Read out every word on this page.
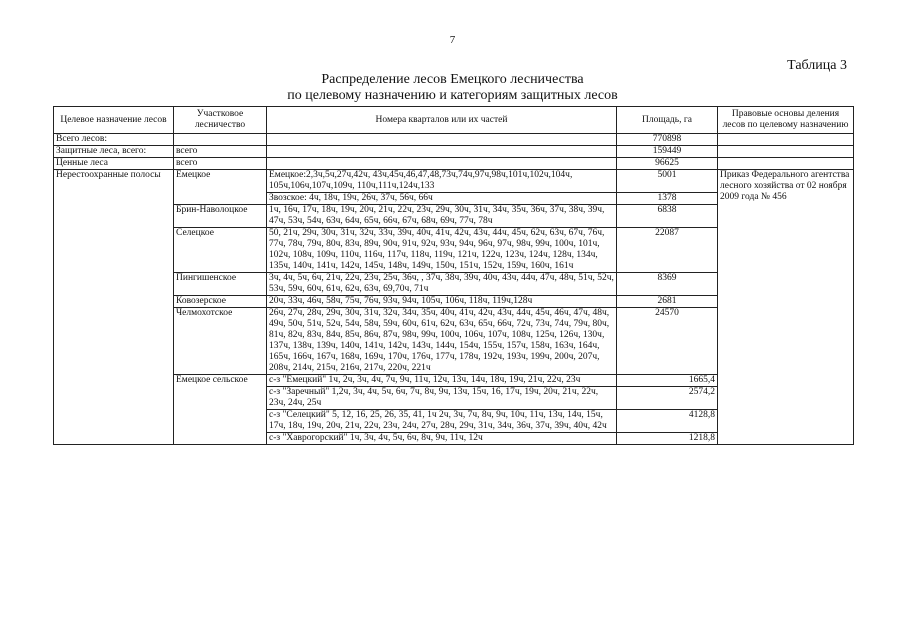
7
Таблица 3
Распределение лесов Емецкого лесничества
по целевому назначению и категориям защитных лесов
Целевое назначение лесов	Участковое лесничество	Номера кварталов или их частей	Площадь, га	Правовые основы деления лесов по целевому назначению
Всего лесов:			770898	
Защитные леса, всего:	всего		159449	
Ценные леса	всего		96625	
Нерестоохранные полосы	Емецкое	Емецкое:2,3ч,5ч,27ч,42ч, 43ч,45ч,46,47,48,73ч,74ч,97ч,98ч,101ч,102ч,104ч, 105ч,106ч,107ч,109ч, 110ч,111ч,124ч,133	5001	Приказ Федерального агентства лесного хозяйства от 02 ноября 2009 года № 456
		Звозское: 4ч, 18ч, 19ч, 26ч, 37ч, 56ч, 66ч	1378	
	Брин-Наволоцкое	1ч, 16ч, 17ч, 18ч, 19ч, 20ч, 21ч, 22ч, 23ч, 29ч, 30ч, 31ч, 34ч, 35ч, 36ч, 37ч, 38ч, 39ч, 47ч, 53ч, 54ч, 63ч, 64ч, 65ч, 66ч, 67ч, 68ч, 69ч, 77ч, 78ч	6838	
	Селецкое	50, 21ч, 29ч, 30ч, 31ч, 32ч, 33ч, 39ч, 40ч, 41ч, 42ч, 43ч, 44ч, 45ч, 62ч, 63ч, 67ч, 76ч, 77ч, 78ч, 79ч, 80ч, 83ч, 89ч, 90ч, 91ч, 92ч, 93ч, 94ч, 96ч, 97ч, 98ч, 99ч, 100ч, 101ч, 102ч, 108ч, 109ч, 110ч, 116ч, 117ч, 118ч, 119ч, 121ч, 122ч, 123ч, 124ч, 128ч, 134ч, 135ч, 140ч, 141ч, 142ч, 145ч, 148ч, 149ч, 150ч, 151ч, 152ч, 159ч, 160ч, 161ч	22087	
	Пингишенское	3ч, 4ч, 5ч, 6ч, 21ч, 22ч, 23ч, 25ч, 36ч, , 37ч, 38ч, 39ч, 40ч, 43ч, 44ч, 47ч, 48ч, 51ч, 52ч, 53ч, 59ч, 60ч, 61ч, 62ч, 63ч, 69,70ч, 71ч	8369	
	Ковозерское	20ч, 33ч, 46ч, 58ч, 75ч, 76ч, 93ч, 94ч, 105ч, 106ч, 118ч, 119ч,128ч	2681	
	Челмохотское	26ч, 27ч, 28ч, 29ч, 30ч, 31ч, 32ч, 34ч, 35ч, 40ч, 41ч, 42ч, 43ч, 44ч, 45ч, 46ч, 47ч, 48ч, 49ч, 50ч, 51ч, 52ч, 54ч, 58ч, 59ч, 60ч, 61ч, 62ч, 63ч, 65ч, 66ч, 72ч, 73ч, 74ч, 79ч, 80ч, 81ч, 82ч, 83ч, 84ч, 85ч, 86ч, 87ч, 98ч, 99ч, 100ч, 106ч, 107ч, 108ч, 125ч, 126ч, 130ч, 137ч, 138ч, 139ч, 140ч, 141ч, 142ч, 143ч, 144ч, 154ч, 155ч, 157ч, 158ч, 163ч, 164ч, 165ч, 166ч, 167ч, 168ч, 169ч, 170ч, 176ч, 177ч, 178ч, 192ч, 193ч, 199ч, 200ч, 207ч, 208ч, 214ч, 215ч, 216ч, 217ч, 220ч, 221ч	24570	
	Емецкое сельское	с-з "Емецкий" 1ч, 2ч, 3ч, 4ч, 7ч, 9ч, 11ч, 12ч, 13ч, 14ч, 18ч, 19ч, 21ч, 22ч, 23ч	1665,4	
		с-з "Заречный" 1,2ч, 3ч, 4ч, 5ч, 6ч, 7ч, 8ч, 9ч, 13ч, 15ч, 16, 17ч, 19ч, 20ч, 21ч, 22ч, 23ч, 24ч, 25ч	2574,2	
		с-з "Селецкий" 5, 12, 16, 25, 26, 35, 41, 1ч 2ч, 3ч, 7ч, 8ч, 9ч, 10ч, 11ч, 13ч, 14ч, 15ч, 17ч, 18ч, 19ч, 20ч, 21ч, 22ч, 23ч, 24ч, 27ч, 28ч, 29ч, 31ч, 34ч, 36ч, 37ч, 39ч, 40ч, 42ч	4128,8	
		с-з "Хаврогорский" 1ч, 3ч, 4ч, 5ч, 6ч, 8ч, 9ч, 11ч, 12ч	1218,8	
